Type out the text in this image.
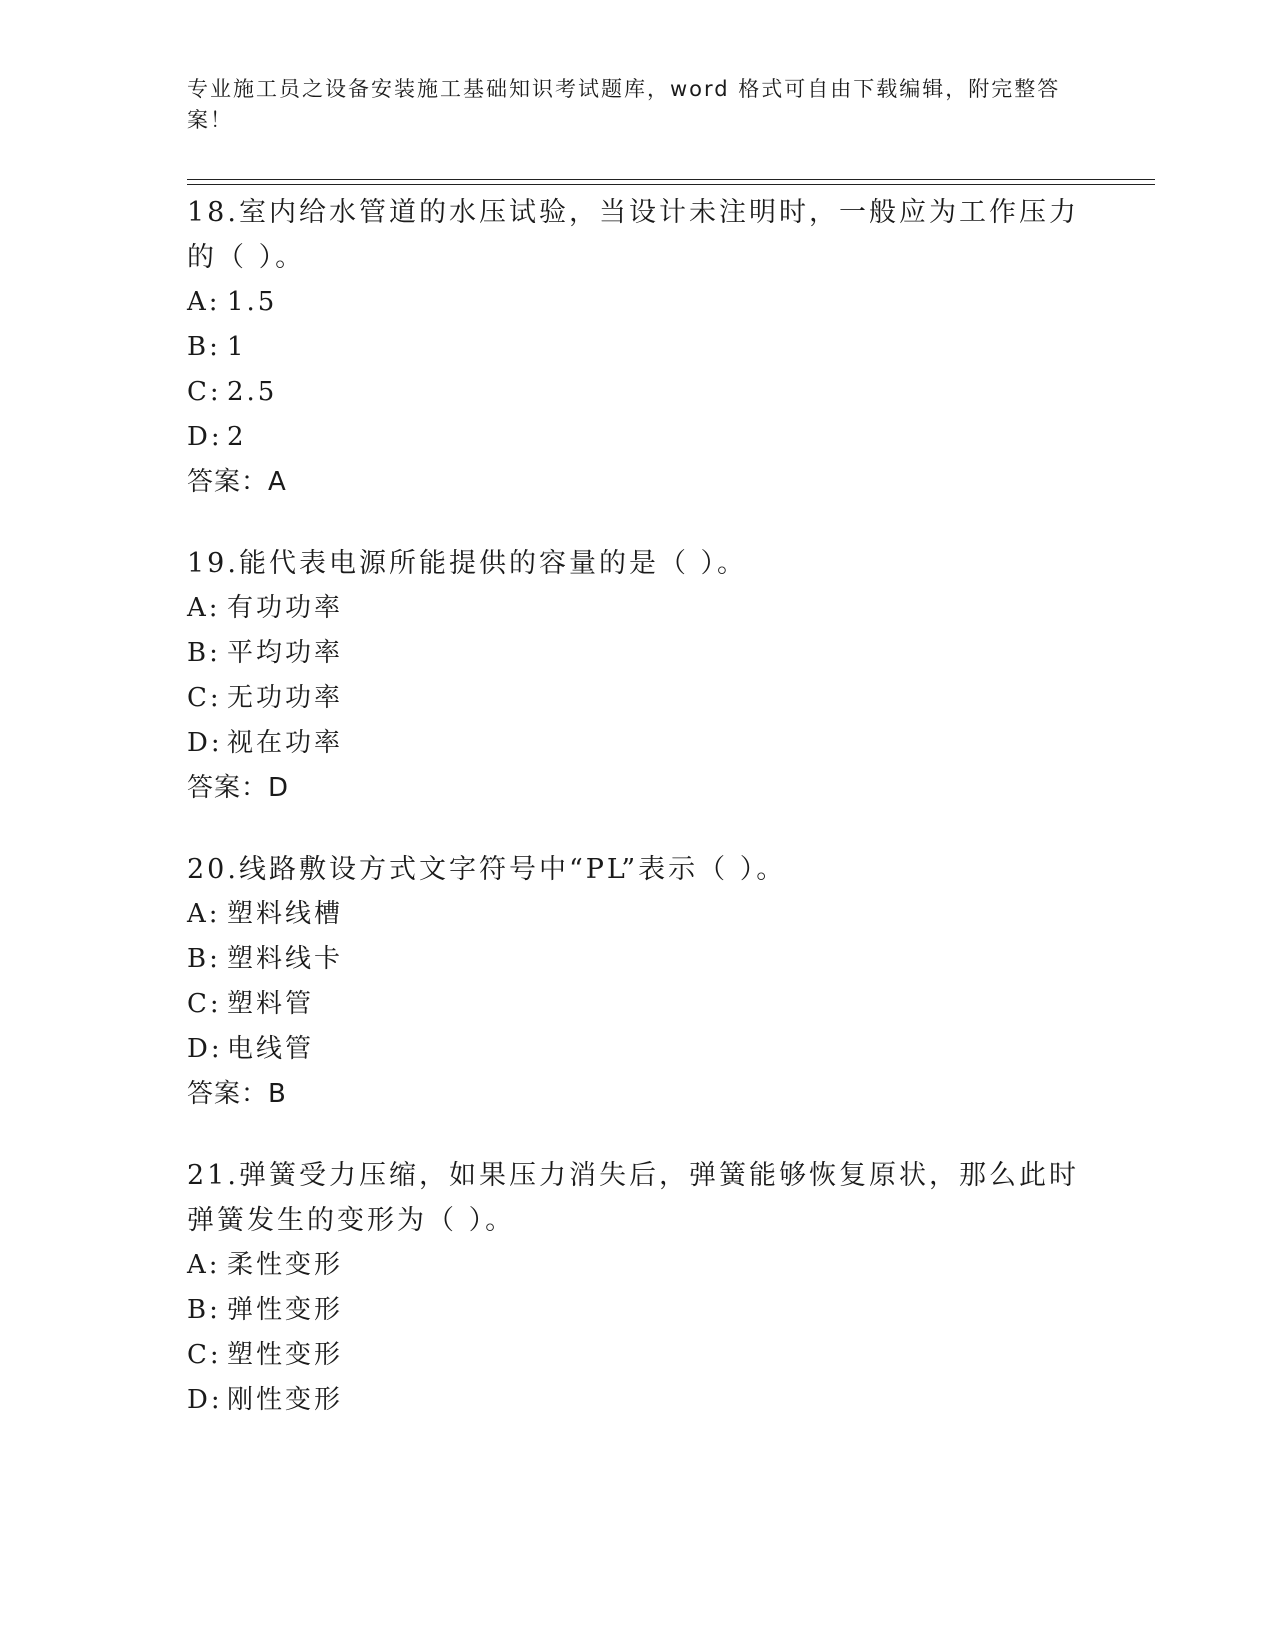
专业施工员之设备安装施工基础知识考试题库，word 格式可自由下载编辑，附完整答案！
18.室内给水管道的水压试验，当设计未注明时，一般应为工作压力的（ ）。
A: 1.5
B: 1
C: 2.5
D: 2
答案：A
19.能代表电源所能提供的容量的是（ ）。
A: 有功功率
B: 平均功率
C: 无功功率
D: 视在功率
答案：D
20.线路敷设方式文字符号中“PL”表示（ ）。
A: 塑料线槽
B: 塑料线卡
C: 塑料管
D: 电线管
答案：B
21.弹簧受力压缩，如果压力消失后，弹簧能够恢复原状，那么此时弹簧发生的变形为（ ）。
A: 柔性变形
B: 弹性变形
C: 塑性变形
D: 刚性变形
